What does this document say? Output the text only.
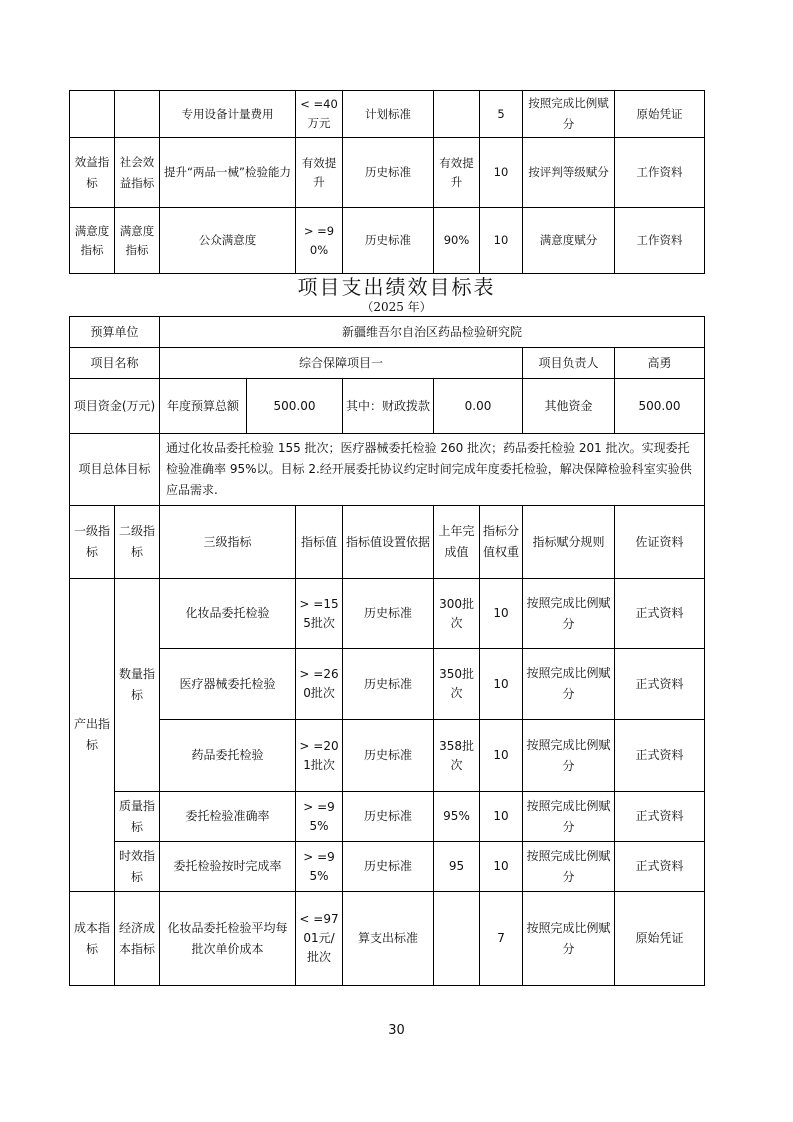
		专用设备计量费用	< =40万元	计划标准		5	按照完成比例赋分	原始凭证
效益指标	社会效益指标	提升“两品一械”检验能力	有效提升	历史标准	有效提升	10	按评判等级赋分	工作资料
满意度指标	满意度指标	公众满意度	> =90%	历史标准	90%	10	满意度赋分	工作资料
项目支出绩效目标表
（2025 年）
预算单位		新疆维吾尔自治区药品检验研究院							
项目名称		综合保障项目一						项目负责人	高勇
项目资金(万元)		年度预算总额	500.00		其中：财政拨款	0.00		其他资金	500.00
项目总体目标		通过化妆品委托检验 155 批次；医疗器械委托检验 260 批次；药品委托检验 201 批次。实现委托检验准确率 95%以。目标 2.经开展委托协议约定时间完成年度委托检验，解决保障检验科室实验供应品需求.							
一级指标	二级指标	三级指标		指标值	指标值设置依据	上年完成值	指标分值权重	指标赋分规则	佐证资料
产出指标	数量指标	化妆品委托检验		> =155批次	历史标准	300批次	10	按照完成比例赋分	正式资料
		医疗器械委托检验		> =260批次	历史标准	350批次	10	按照完成比例赋分	正式资料
		药品委托检验		> =201批次	历史标准	358批次	10	按照完成比例赋分	正式资料
	质量指标	委托检验准确率		> =95%	历史标准	95%	10	按照完成比例赋分	正式资料
	时效指标	委托检验按时完成率		> =95%	历史标准	95	10	按照完成比例赋分	正式资料
成本指标	经济成本指标	化妆品委托检验平均每批次单价成本		< =9701元/批次	算支出标准		7	按照完成比例赋分	原始凭证
30
